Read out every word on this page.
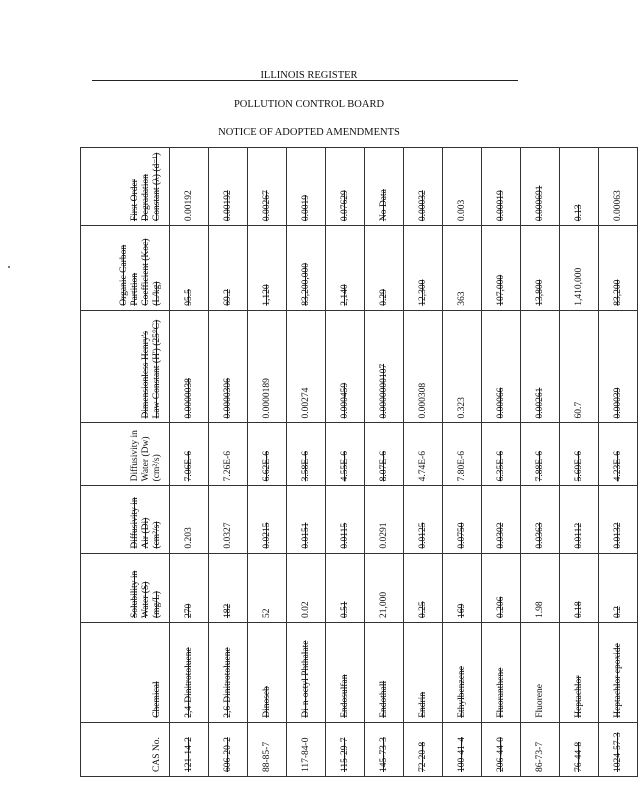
ILLINOIS REGISTER
POLLUTION CONTROL BOARD
NOTICE OF ADOPTED AMENDMENTS
CAS No.	Chemical	Solubility in Water (S) (mg/L)	Diffusivity in Air (Di) (cm²/s)	Diffusivity in Water (Dw) (cm²/s)	Dimensionless Henry's Law Constant (H') (25°C)	Organic Carbon Partition Coefficient (Koc) (L/kg)	First Order Degradation Constant (λ) (d⁻¹)
121-14-2	2,4-Dinitrotoluene	270	0.203	7.06E-6	0.0000038	95.5	0.00192
606-20-2	2,6-Dinitrotoluene	182	0.0327	7.26E-6	0.0000306	69.2	0.00192
88-85-7	Dinoseb	52	0.0215	6.62E-6	0.0000189	1,120	0.00267
117-84-0	Di-n-octyl Phthalate	0.02	0.0151	3.58E-6	0.00274	83,200,000	0.0019
115-29-7	Endosulfan	0.51	0.0115	4.55E-6	0.000459	2,140	0.07629
145-73-3	Endothall	21,000	0.0291	8.07E-6	0.0000000107	0.29	No Data
72-20-8	Endrin	0.25	0.0125	4.74E-6	0.000308	12,300	0.00032
100-41-4	Ethylbenzene	169	0.0750	7.80E-6	0.323	363	0.003
206-44-0	Fluoranthene	0.206	0.0302	6.35E-6	0.00066	107,000	0.00019
86-73-7	Fluorene	1.98	0.0363	7.88E-6	0.00261	13,800	0.000691
76-44-8	Heptachlor	0.18	0.0112	5.69E-6	60.7	1,410,000	0.13
1024-57-3	Heptachlor epoxide	0.2	0.0132	4.23E-6	0.00039	83,200	0.00063
